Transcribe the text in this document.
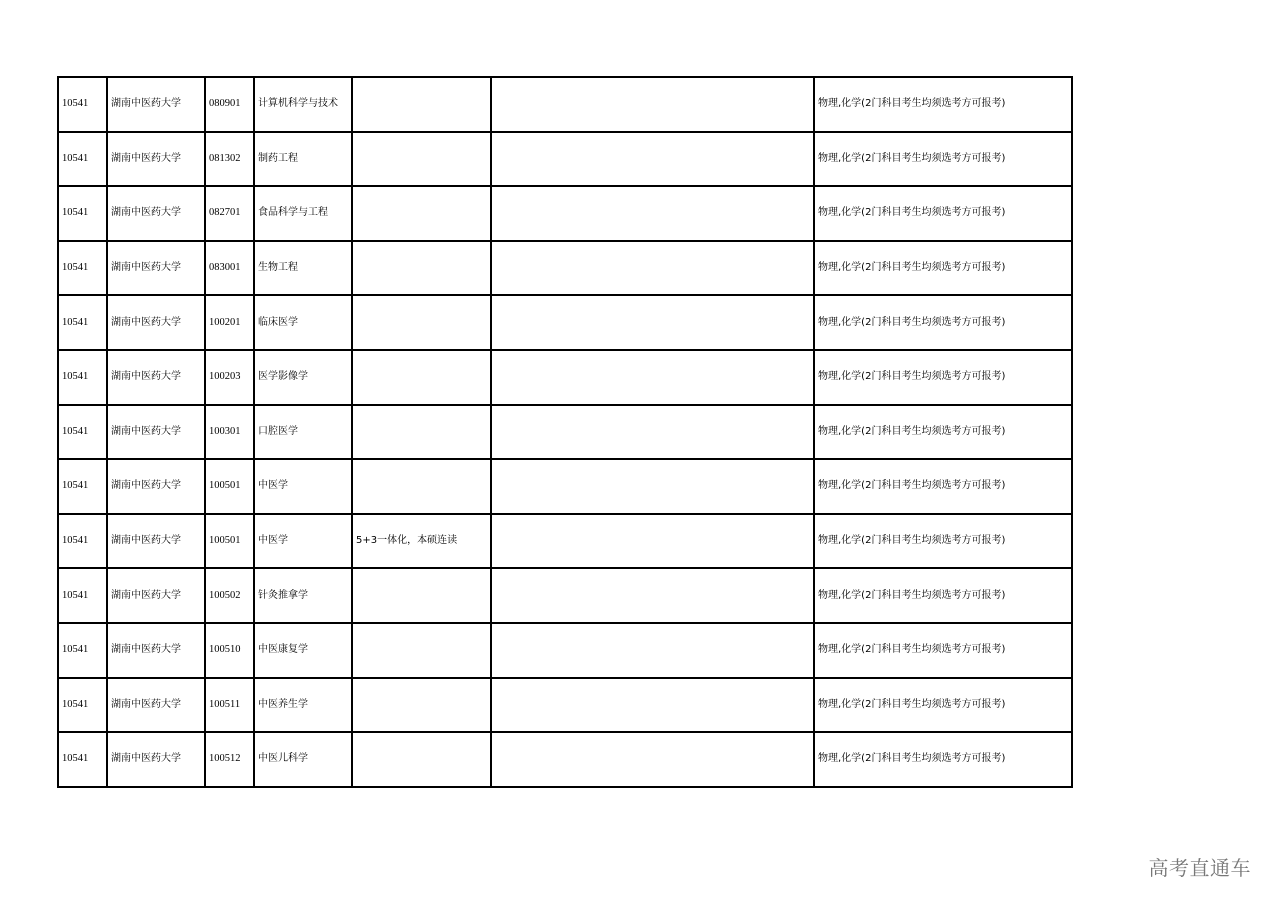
10541	湖南中医药大学	080901	计算机科学与技术			物理,化学(2门科目考生均须选考方可报考)
10541	湖南中医药大学	081302	制药工程			物理,化学(2门科目考生均须选考方可报考)
10541	湖南中医药大学	082701	食品科学与工程			物理,化学(2门科目考生均须选考方可报考)
10541	湖南中医药大学	083001	生物工程			物理,化学(2门科目考生均须选考方可报考)
10541	湖南中医药大学	100201	临床医学			物理,化学(2门科目考生均须选考方可报考)
10541	湖南中医药大学	100203	医学影像学			物理,化学(2门科目考生均须选考方可报考)
10541	湖南中医药大学	100301	口腔医学			物理,化学(2门科目考生均须选考方可报考)
10541	湖南中医药大学	100501	中医学			物理,化学(2门科目考生均须选考方可报考)
10541	湖南中医药大学	100501	中医学	5+3一体化，本硕连读		物理,化学(2门科目考生均须选考方可报考)
10541	湖南中医药大学	100502	针灸推拿学			物理,化学(2门科目考生均须选考方可报考)
10541	湖南中医药大学	100510	中医康复学			物理,化学(2门科目考生均须选考方可报考)
10541	湖南中医药大学	100511	中医养生学			物理,化学(2门科目考生均须选考方可报考)
10541	湖南中医药大学	100512	中医儿科学			物理,化学(2门科目考生均须选考方可报考)
高考直通车
